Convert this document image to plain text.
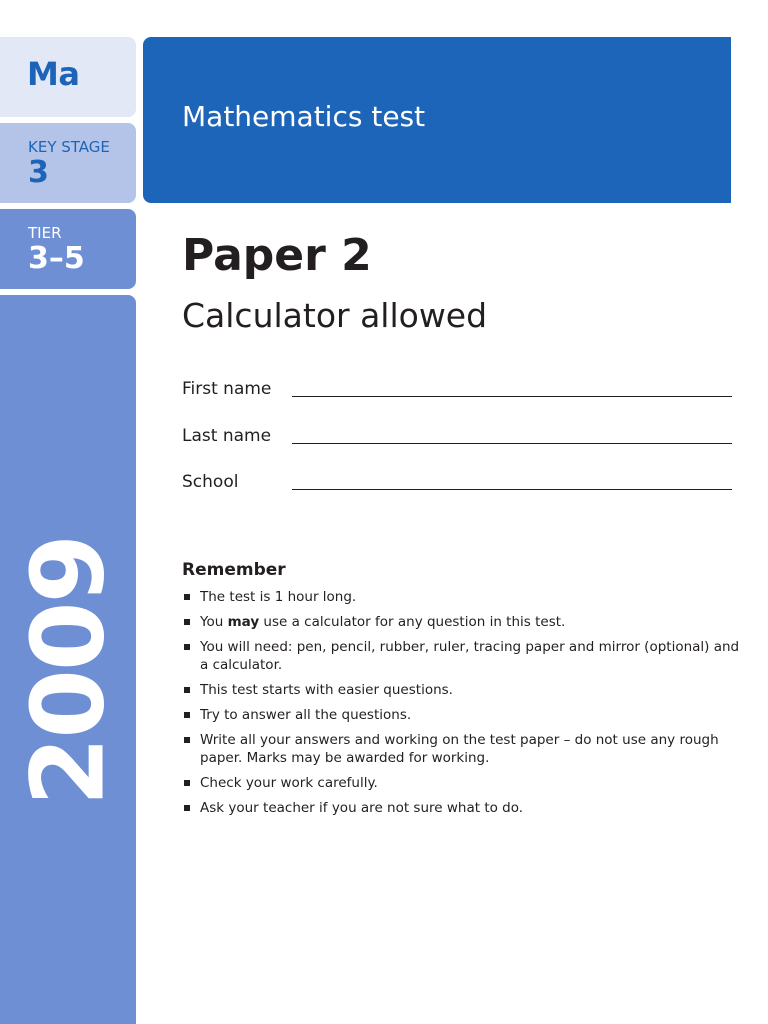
Ma
KEY STAGE
3
TIER
3–5
2009
Mathematics test
Paper 2
Calculator allowed
First name
Last name
School
Remember
The test is 1 hour long.
You may use a calculator for any question in this test.
You will need: pen, pencil, rubber, ruler, tracing paper and mirror (optional) and a calculator.
This test starts with easier questions.
Try to answer all the questions.
Write all your answers and working on the test paper – do not use any rough paper. Marks may be awarded for working.
Check your work carefully.
Ask your teacher if you are not sure what to do.
